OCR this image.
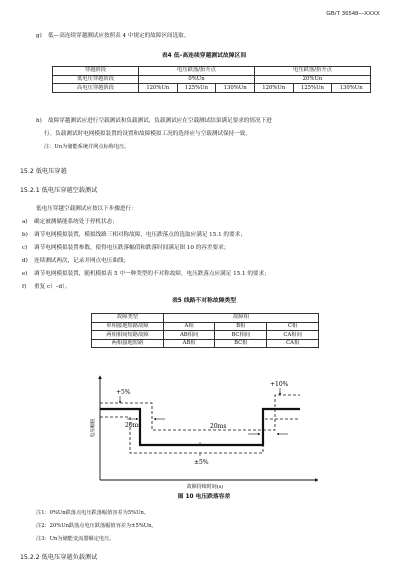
GB/T 36548—XXXX
g) 低—高连续穿越测试应按照表 4 中规定的故障区间选取。
表4 低–高连续穿越测试故障区间
穿越阶段	电压跌落/抬升点			电压跌落/抬升点		
低电压穿越阶段	0%Un			20%Un		
高电压穿越阶段	120%Un	125%Un	130%Un	120%Un	125%Un	130%Un
h) 故障穿越测试应进行空载测试和负载测试，负载测试应在空载测试结果满足要求的情况下进
行。负载测试时电网模拟装置的设置和故障模拟工况的选择应与空载测试保持一致。
注：Un为储能系统并网点标称电压。
15.2 低电压穿越
15.2.1 低电压穿越空载测试
低电压穿越空载测试应按以下步骤进行：
a) 确定被测储能系统处于停机状态；
b) 调节电网模拟装置，模拟线路三相对称故障，电压跌落点的选取应满足 15.1 的要求；
c) 调节电网模拟装置参数，使得电压跌落幅值和跌落时间满足图 10 的容差要求；
d) 连续测试两次，记录并网点电压曲线；
e) 调节电网模拟装置，随机模拟表 5 中一种类型的不对称故障，电压跌落点应满足 15.1 的要求；
f) 重复 c）–d）。
表5 线路不对称故障类型
故障类型	故障相		
单相接地短路故障	A相	B相	C相
两相相间短路故障	AB相间	BC相间	CA相间
两相接地短路	AB相	BC相	CA相
+5%
20ms	20ms
+10%
±5%
电压幅值
故障持续时间(s)
图 10 电压跌落容差
注1：0%Un跌落点电压跌落幅值容差为5%Un。
注2：20%Un跌落点电压跌落幅值容差为±5%Un。
注3：Un为储能变流器额定电压。
15.2.2 低电压穿越负载测试
